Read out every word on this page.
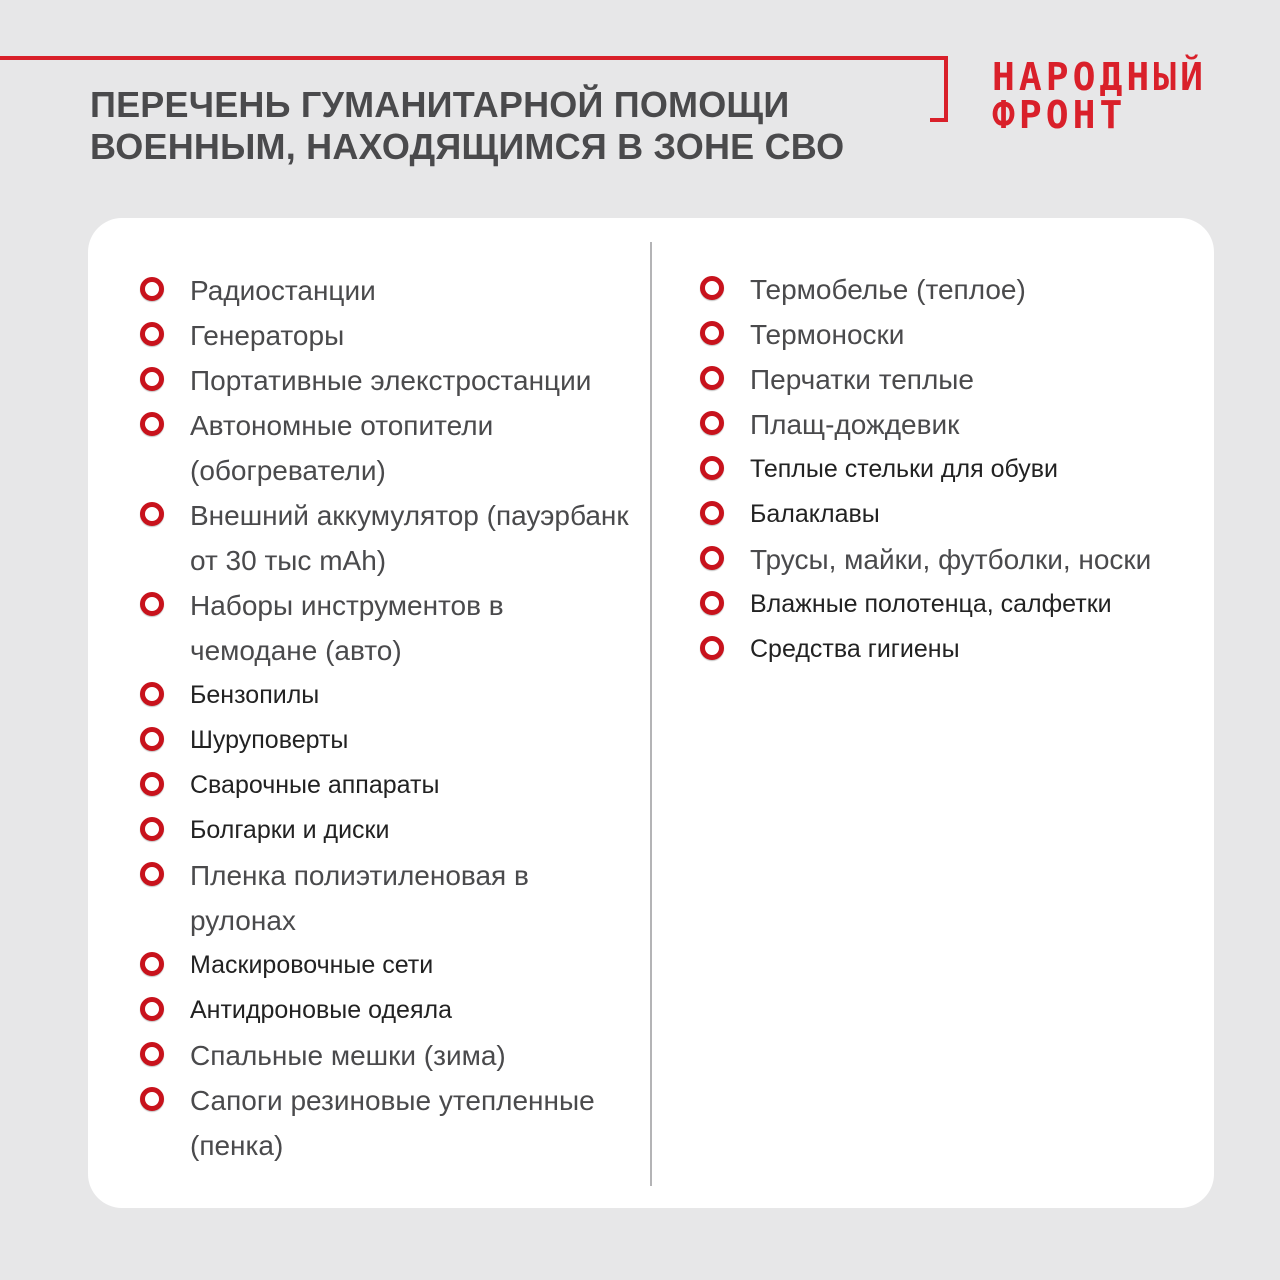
ПЕРЕЧЕНЬ ГУМАНИТАРНОЙ ПОМОЩИ
ВОЕННЫМ, НАХОДЯЩИМСЯ В ЗОНЕ СВО
НАРОДНЫЙ
ФРОНТ
Радиостанции
Генераторы
Портативные элекстростанции
Автономные отопители (обогреватели)
Внешний аккумулятор (пауэрбанк от 30 тыс mAh)
Наборы инструментов в чемодане (авто)
Бензопилы
Шуруповерты
Сварочные аппараты
Болгарки и диски
Пленка полиэтиленовая в рулонах
Маскировочные сети
Антидроновые одеяла
Спальные мешки (зима)
Сапоги резиновые утепленные (пенка)
Термобелье (теплое)
Термоноски
Перчатки теплые
Плащ-дождевик
Теплые стельки для обуви
Балаклавы
Трусы, майки, футболки, носки
Влажные полотенца, салфетки
Средства гигиены
